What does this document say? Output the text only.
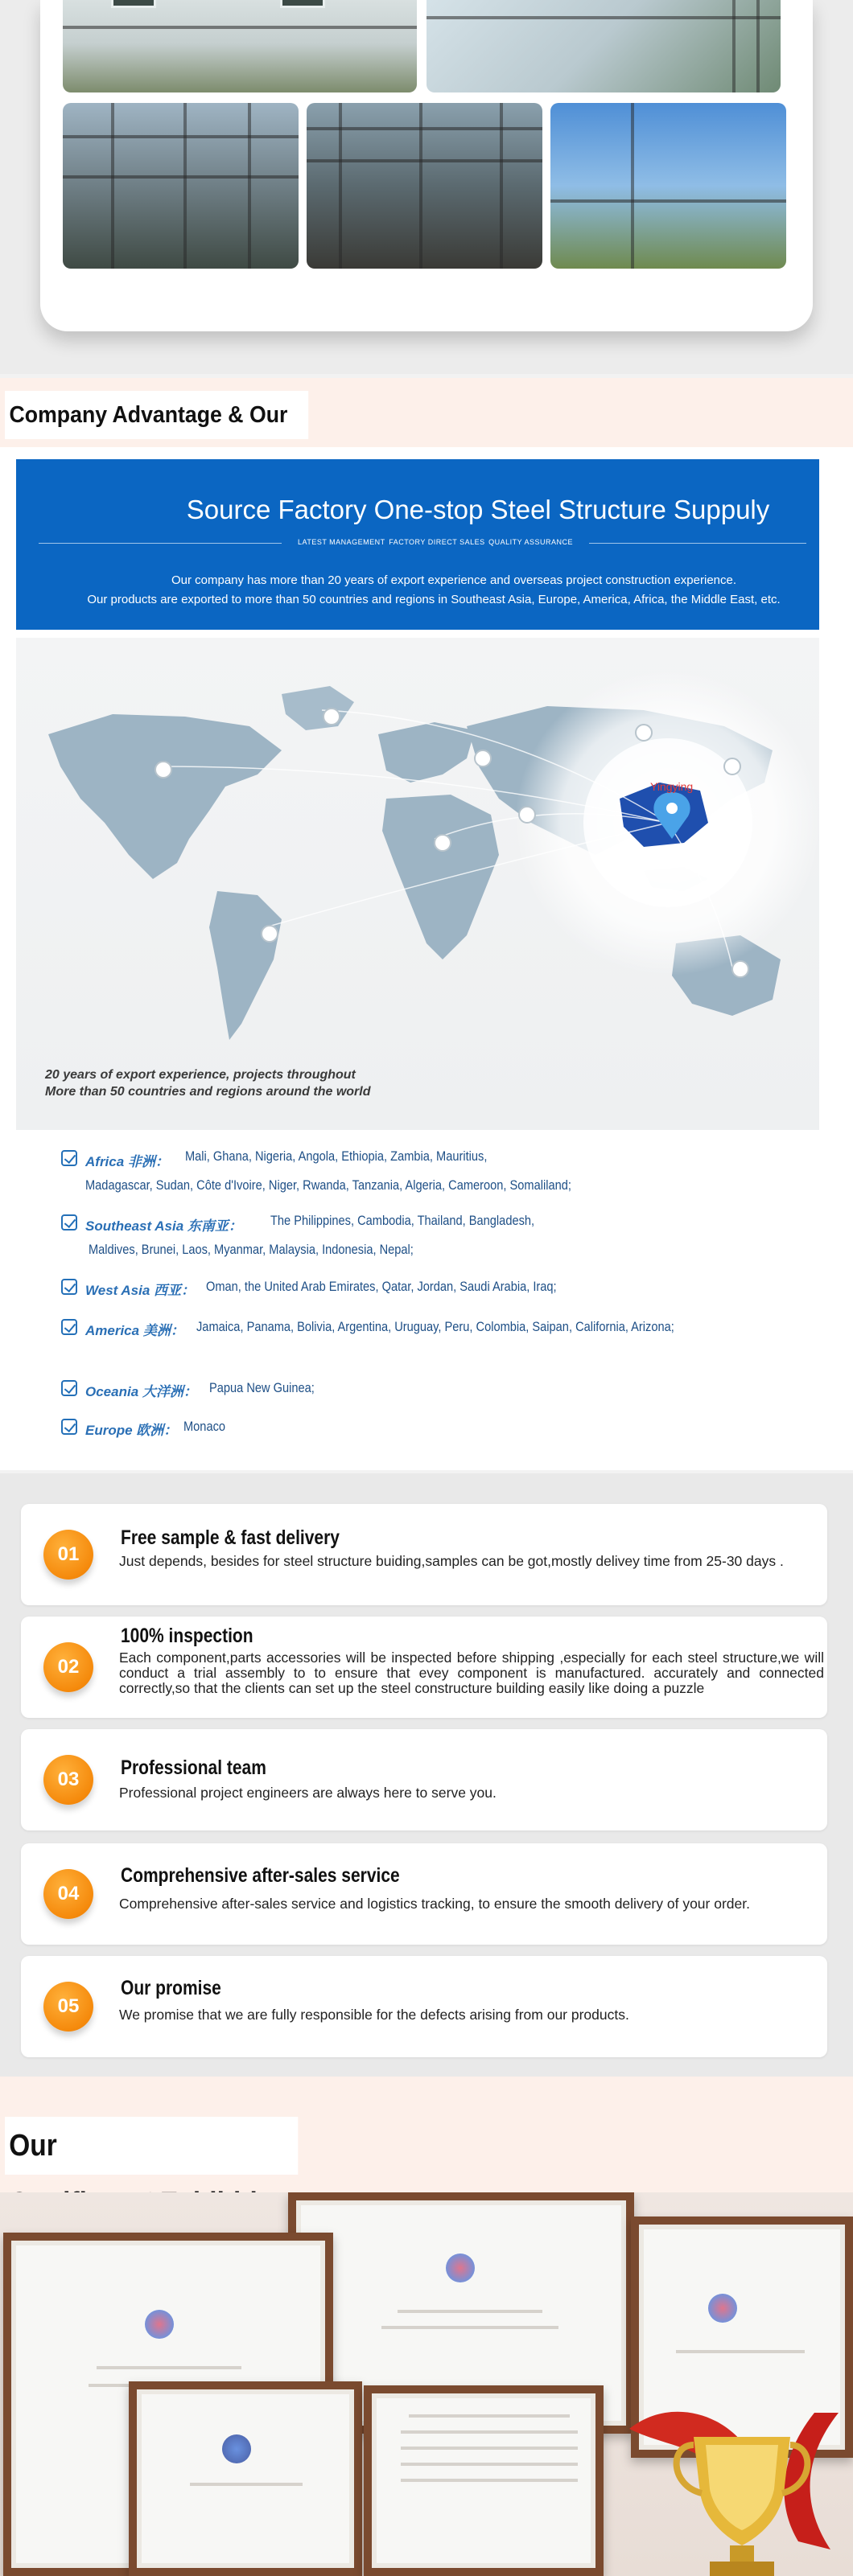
Company Advantage & Our
Source Factory One-stop Steel Structure Suppuly
LATEST MANAGEMENT FACTORY DIRECT SALES QUALITY ASSURANCE
Our company has more than 20 years of export experience and overseas project construction experience.
Our products are exported to more than 50 countries and regions in Southeast Asia, Europe, America, Africa, the Middle East, etc.
Yingying
20 years of export experience, projects throughout
More than 50 countries and regions around the world
Africa 非洲： Mali, Ghana, Nigeria, Angola, Ethiopia, Zambia, Mauritius,
Madagascar, Sudan, Côte d'Ivoire, Niger, Rwanda, Tanzania, Algeria, Cameroon, Somaliland;
Southeast Asia 东南亚： The Philippines, Cambodia, Thailand, Bangladesh,
Maldives, Brunei, Laos, Myanmar, Malaysia, Indonesia, Nepal;
West Asia 西亚： Oman, the United Arab Emirates, Qatar, Jordan, Saudi Arabia, Iraq;
America 美洲： Jamaica, Panama, Bolivia, Argentina, Uruguay, Peru, Colombia, Saipan, California, Arizona;
Oceania 大洋洲： Papua New Guinea;
Europe 欧洲： Monaco
01
Free sample & fast delivery
Just depends, besides for steel structure buiding,samples can be got,mostly delivey time from 25-30 days .
02
100% inspection
Each component,parts accessories will be inspected before shipping ,especially for each steel structure,we will conduct a trial assembly to to ensure that evey component is manufactured. accurately and connected correctly,so that the clients can set up the steel constructure building easily like doing a puzzle
03
Professional team
Professional project engineers are always here to serve you.
04
Comprehensive after-sales service
Comprehensive after-sales service and logistics tracking, to ensure the smooth delivery of your order.
05
Our promise
We promise that we are fully responsible for the defects arising from our products.
Our
